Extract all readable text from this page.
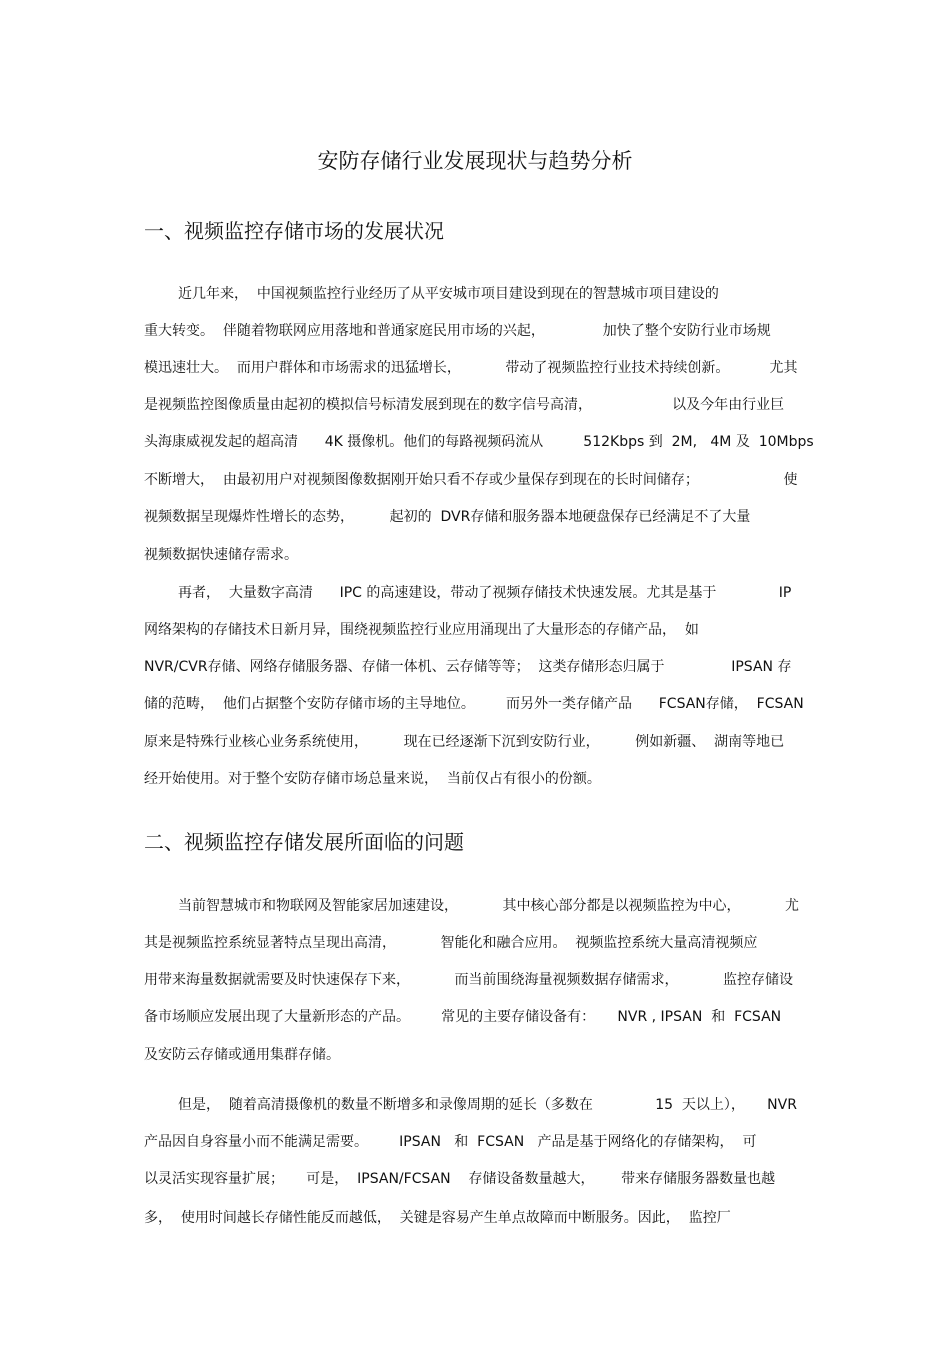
安防存储行业发展现状与趋势分析
一、视频监控存储市场的发展状况
近几年来，  中国视频监控行业经历了从平安城市项目建设到现在的智慧城市项目建设的
重大转变。  伴随着物联网应用落地和普通家庭民用市场的兴起，             加快了整个安防行业市场规
模迅速壮大。  而用户群体和市场需求的迅猛增长，          带动了视频监控行业技术持续创新。         尤其
是视频监控图像质量由起初的模拟信号标清发展到现在的数字信号高清，                  以及今年由行业巨
头海康威视发起的超高清      4K 摄像机。他们的每路视频码流从         512Kbps 到  2M,   4M 及  10Mbps
不断增大，  由最初用户对视频图像数据刚开始只看不存或少量保存到现在的长时间储存；                   使
视频数据呈现爆炸性增长的态势，        起初的  DVR存储和服务器本地硬盘保存已经满足不了大量
视频数据快速储存需求。
再者，  大量数字高清      IPC 的高速建设，带动了视频存储技术快速发展。尤其是基于              IP
网络架构的存储技术日新月异，围绕视频监控行业应用涌现出了大量形态的存储产品，  如
NVR/CVR存储、网络存储服务器、存储一体机、云存储等等；  这类存储形态归属于               IPSAN 存
储的范畴，  他们占据整个安防存储市场的主导地位。       而另外一类存储产品      FCSAN存储，  FCSAN
原来是特殊行业核心业务系统使用，        现在已经逐渐下沉到安防行业，        例如新疆、  湖南等地已
经开始使用。对于整个安防存储市场总量来说，  当前仅占有很小的份额。
二、视频监控存储发展所面临的问题
当前智慧城市和物联网及智能家居加速建设，          其中核心部分都是以视频监控为中心，          尤
其是视频监控系统显著特点呈现出高清，          智能化和融合应用。  视频监控系统大量高清视频应
用带来海量数据就需要及时快速保存下来，          而当前围绕海量视频数据存储需求，          监控存储设
备市场顺应发展出现了大量新形态的产品。       常见的主要存储设备有：     NVR , IPSAN  和  FCSAN
及安防云存储或通用集群存储。
但是，  随着高清摄像机的数量不断增多和录像周期的延长（多数在              15  天以上），     NVR
产品因自身容量小而不能满足需要。       IPSAN   和  FCSAN   产品是基于网络化的存储架构，  可
以灵活实现容量扩展；     可是，  IPSAN/FCSAN    存储设备数量越大，      带来存储服务器数量也越
多，  使用时间越长存储性能反而越低，  关键是容易产生单点故障而中断服务。因此，  监控厂
